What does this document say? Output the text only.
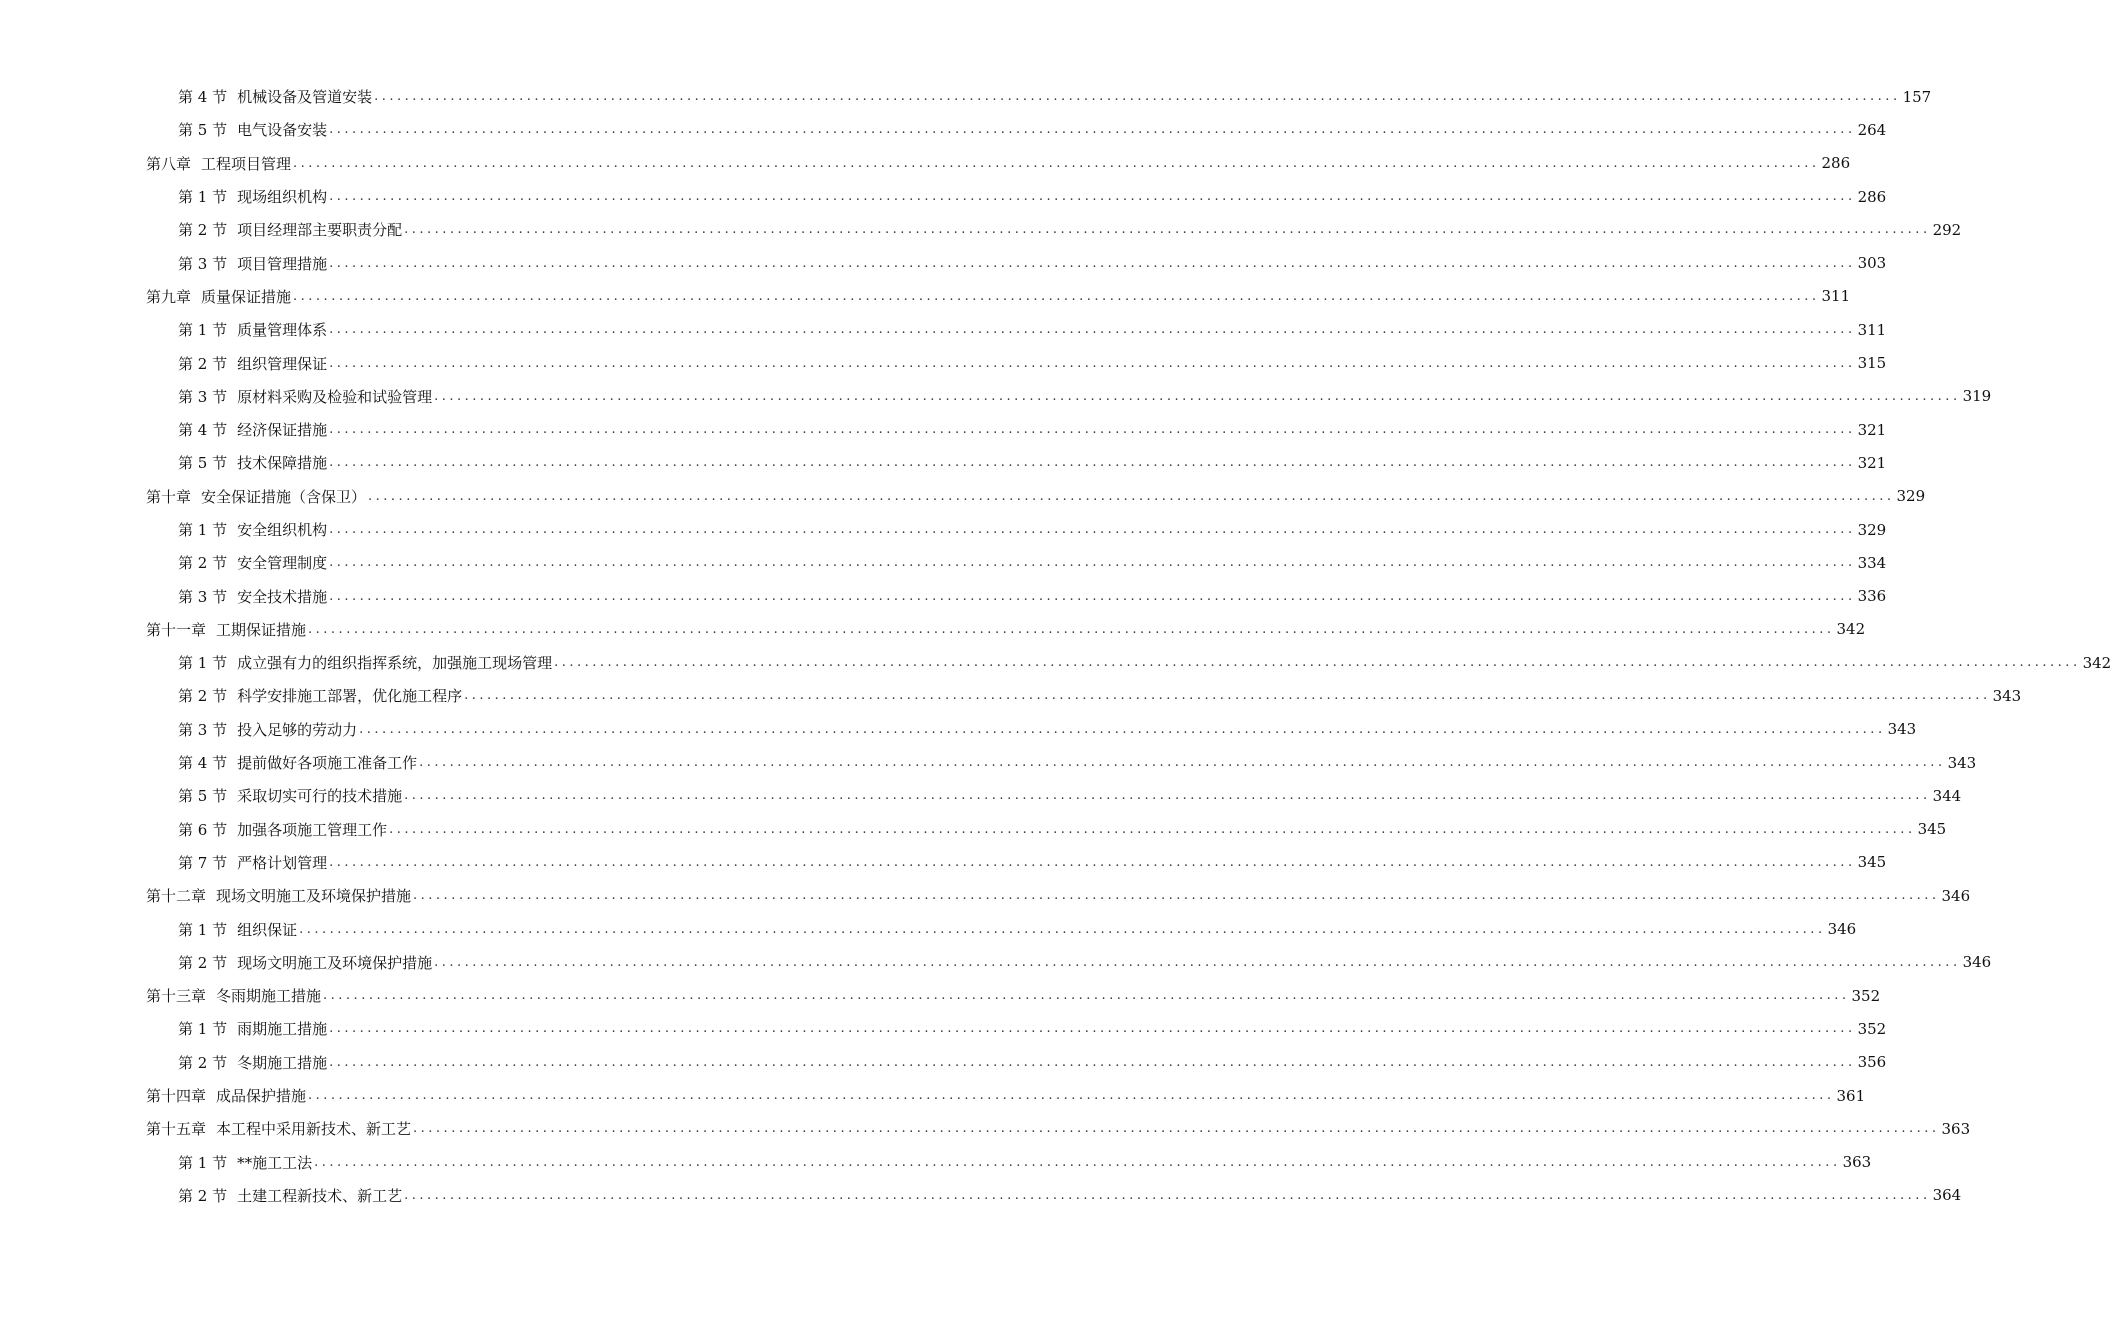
第 4 节 机械设备及管道安装 ........................................................................................................................................................................................................ 157
第 5 节 电气设备安装 ........................................................................................................................................................................................................ 264
第八章 工程项目管理 ........................................................................................................................................................................................................ 286
第 1 节 现场组织机构 ........................................................................................................................................................................................................ 286
第 2 节 项目经理部主要职责分配 ........................................................................................................................................................................................................ 292
第 3 节 项目管理措施 ........................................................................................................................................................................................................ 303
第九章 质量保证措施 ........................................................................................................................................................................................................ 311
第 1 节 质量管理体系 ........................................................................................................................................................................................................ 311
第 2 节 组织管理保证 ........................................................................................................................................................................................................ 315
第 3 节 原材料采购及检验和试验管理 ........................................................................................................................................................................................................ 319
第 4 节 经济保证措施 ........................................................................................................................................................................................................ 321
第 5 节 技术保障措施 ........................................................................................................................................................................................................ 321
第十章 安全保证措施（含保卫） ........................................................................................................................................................................................................ 329
第 1 节 安全组织机构 ........................................................................................................................................................................................................ 329
第 2 节 安全管理制度 ........................................................................................................................................................................................................ 334
第 3 节 安全技术措施 ........................................................................................................................................................................................................ 336
第十一章 工期保证措施 ........................................................................................................................................................................................................ 342
第 1 节 成立强有力的组织指挥系统，加强施工现场管理 ........................................................................................................................................................................................................ 342
第 2 节 科学安排施工部署，优化施工程序 ........................................................................................................................................................................................................ 343
第 3 节 投入足够的劳动力 ........................................................................................................................................................................................................ 343
第 4 节 提前做好各项施工准备工作 ........................................................................................................................................................................................................ 343
第 5 节 采取切实可行的技术措施 ........................................................................................................................................................................................................ 344
第 6 节 加强各项施工管理工作 ........................................................................................................................................................................................................ 345
第 7 节 严格计划管理 ........................................................................................................................................................................................................ 345
第十二章 现场文明施工及环境保护措施 ........................................................................................................................................................................................................ 346
第 1 节 组织保证 ........................................................................................................................................................................................................ 346
第 2 节 现场文明施工及环境保护措施 ........................................................................................................................................................................................................ 346
第十三章 冬雨期施工措施 ........................................................................................................................................................................................................ 352
第 1 节 雨期施工措施 ........................................................................................................................................................................................................ 352
第 2 节 冬期施工措施 ........................................................................................................................................................................................................ 356
第十四章 成品保护措施 ........................................................................................................................................................................................................ 361
第十五章 本工程中采用新技术、新工艺 ........................................................................................................................................................................................................ 363
第 1 节 **施工工法 ........................................................................................................................................................................................................ 363
第 2 节 土建工程新技术、新工艺 ........................................................................................................................................................................................................ 364
